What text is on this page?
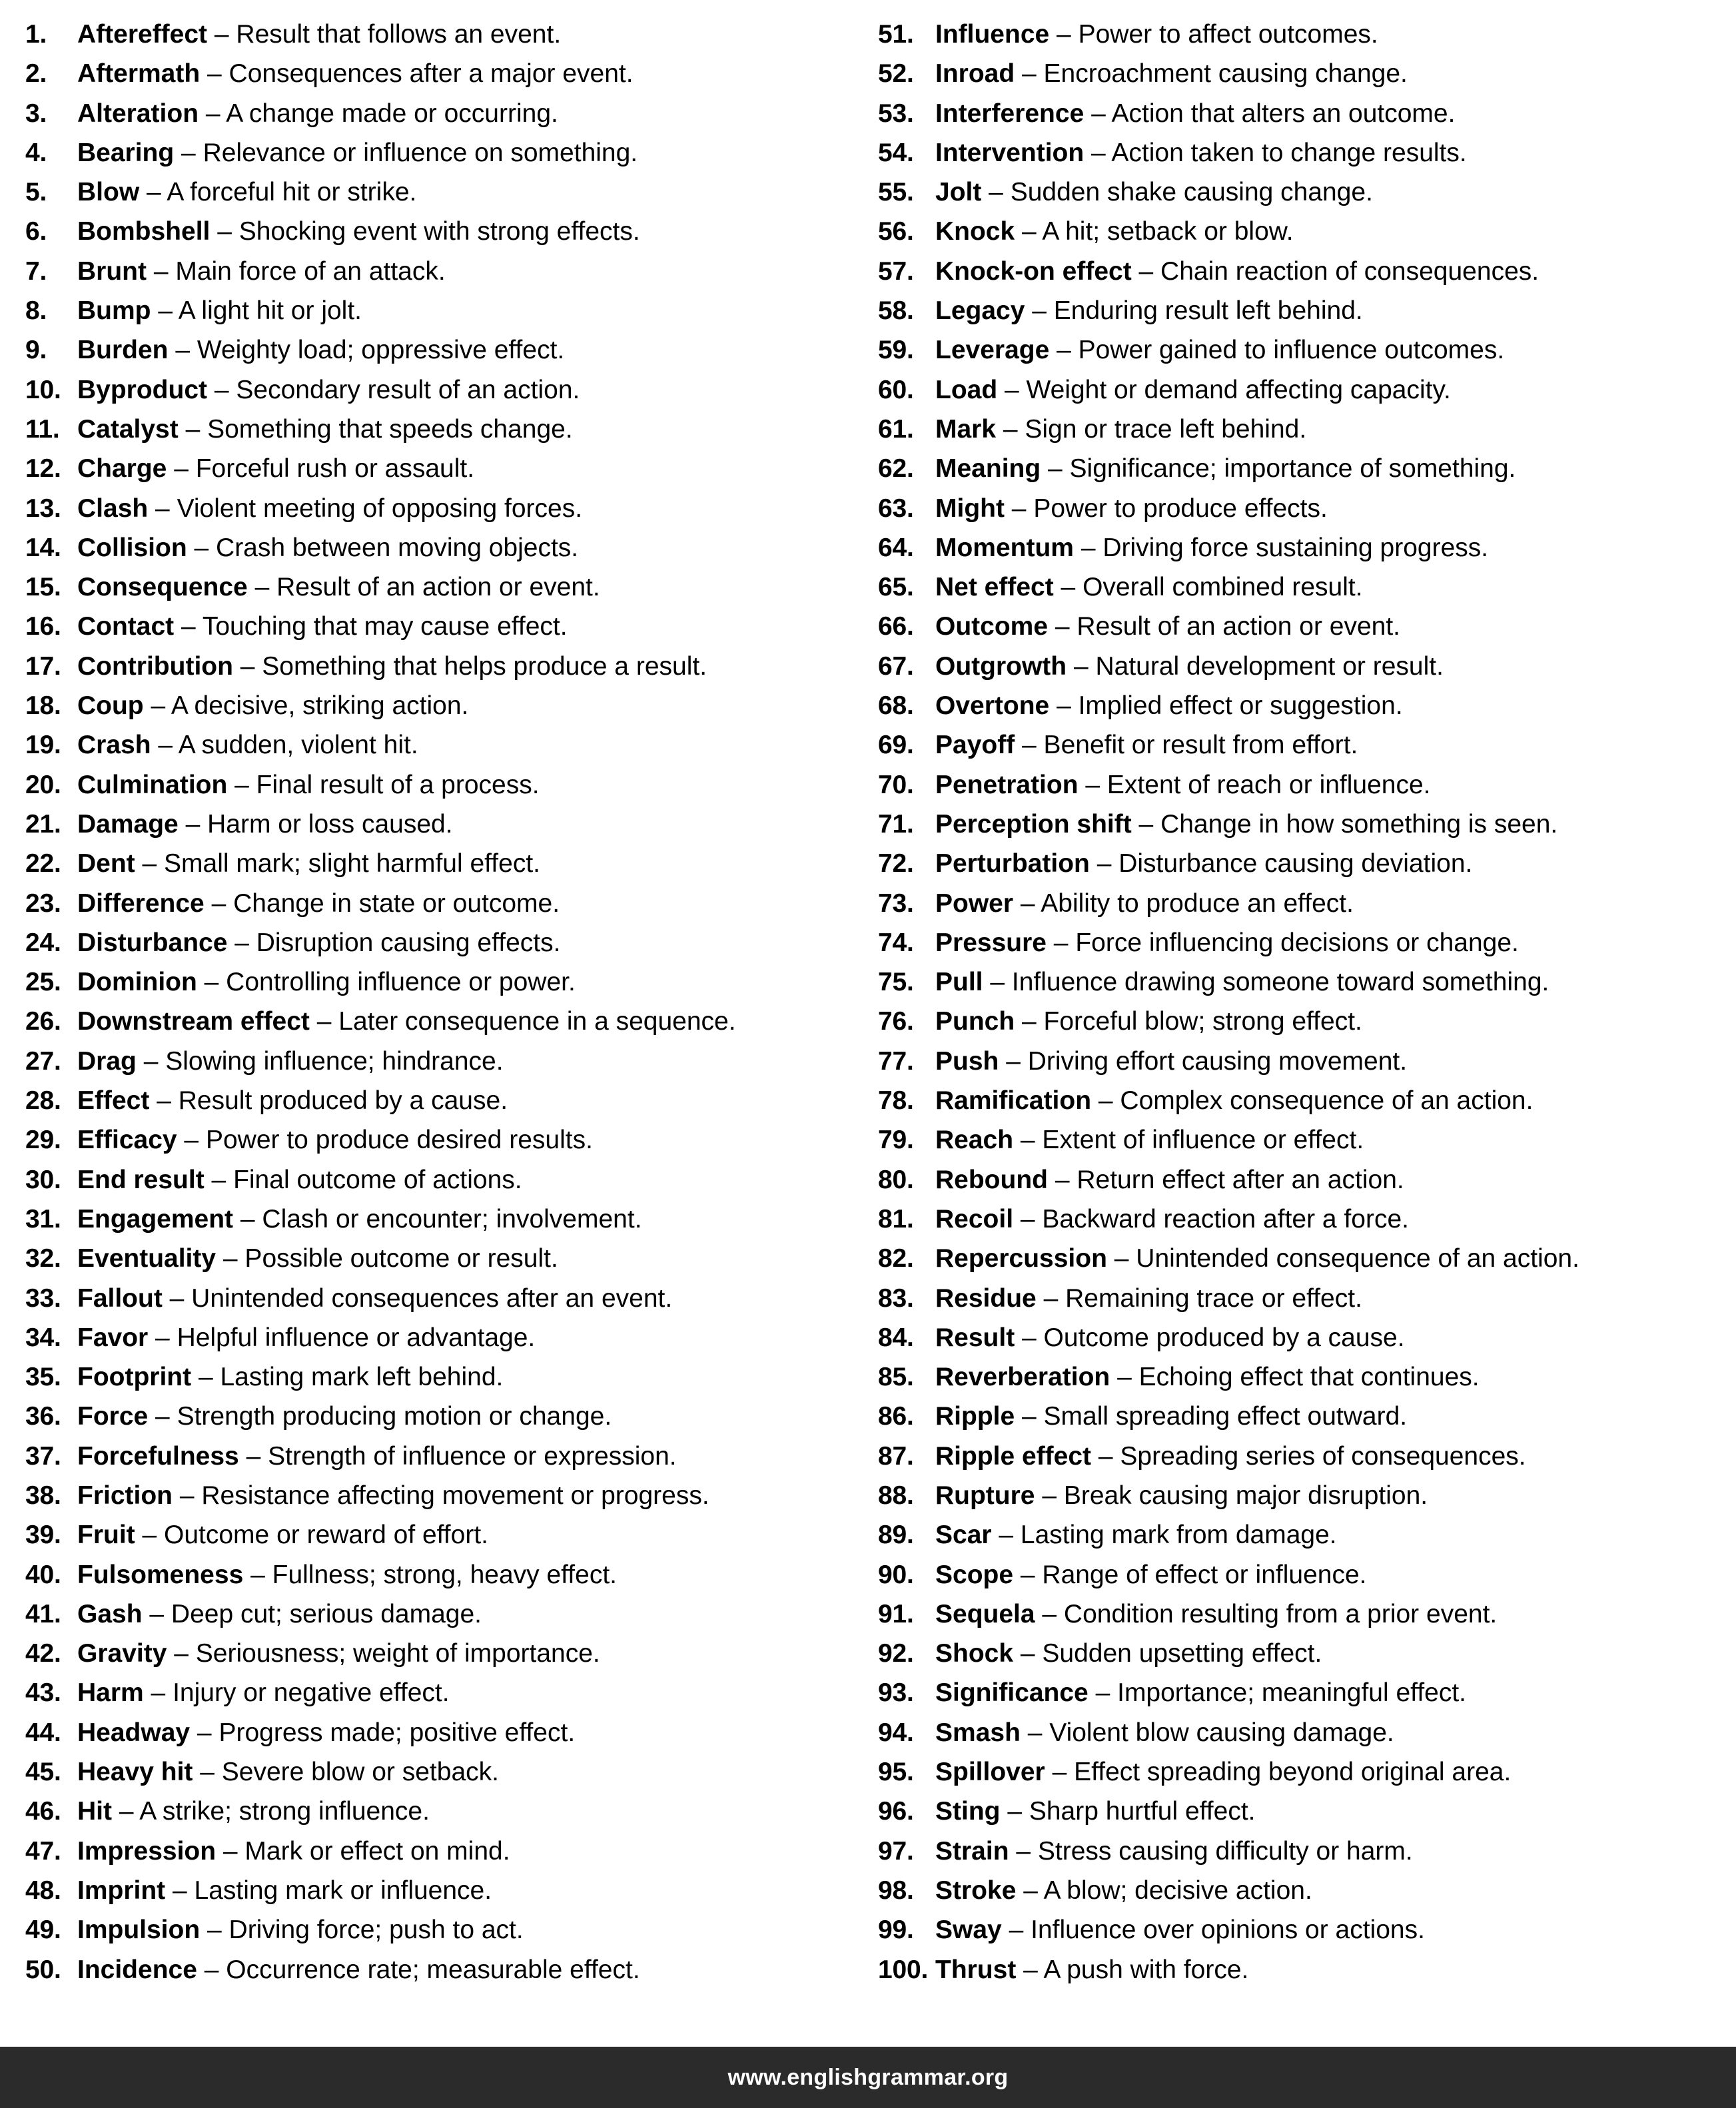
1.	Aftereffect – Result that follows an event.
2.	Aftermath – Consequences after a major event.
3.	Alteration – A change made or occurring.
4.	Bearing – Relevance or influence on something.
5.	Blow – A forceful hit or strike.
6.	Bombshell – Shocking event with strong effects.
7.	Brunt – Main force of an attack.
8.	Bump – A light hit or jolt.
9.	Burden – Weighty load; oppressive effect.
10. Byproduct – Secondary result of an action.
11. Catalyst – Something that speeds change.
12. Charge – Forceful rush or assault.
13. Clash – Violent meeting of opposing forces.
14. Collision – Crash between moving objects.
15. Consequence – Result of an action or event.
16. Contact – Touching that may cause effect.
17. Contribution – Something that helps produce a result.
18. Coup – A decisive, striking action.
19. Crash – A sudden, violent hit.
20. Culmination – Final result of a process.
21. Damage – Harm or loss caused.
22. Dent – Small mark; slight harmful effect.
23. Difference – Change in state or outcome.
24. Disturbance – Disruption causing effects.
25. Dominion – Controlling influence or power.
26. Downstream effect – Later consequence in a sequence.
27. Drag – Slowing influence; hindrance.
28. Effect – Result produced by a cause.
29. Efficacy – Power to produce desired results.
30. End result – Final outcome of actions.
31. Engagement – Clash or encounter; involvement.
32. Eventuality – Possible outcome or result.
33. Fallout – Unintended consequences after an event.
34. Favor – Helpful influence or advantage.
35. Footprint – Lasting mark left behind.
36. Force – Strength producing motion or change.
37. Forcefulness – Strength of influence or expression.
38. Friction – Resistance affecting movement or progress.
39. Fruit – Outcome or reward of effort.
40. Fulsomeness – Fullness; strong, heavy effect.
41. Gash – Deep cut; serious damage.
42. Gravity – Seriousness; weight of importance.
43. Harm – Injury or negative effect.
44. Headway – Progress made; positive effect.
45. Heavy hit – Severe blow or setback.
46. Hit – A strike; strong influence.
47. Impression – Mark or effect on mind.
48. Imprint – Lasting mark or influence.
49. Impulsion – Driving force; push to act.
50. Incidence – Occurrence rate; measurable effect.
51. Influence – Power to affect outcomes.
52. Inroad – Encroachment causing change.
53. Interference – Action that alters an outcome.
54. Intervention – Action taken to change results.
55. Jolt – Sudden shake causing change.
56. Knock – A hit; setback or blow.
57. Knock-on effect – Chain reaction of consequences.
58. Legacy – Enduring result left behind.
59. Leverage – Power gained to influence outcomes.
60. Load – Weight or demand affecting capacity.
61. Mark – Sign or trace left behind.
62. Meaning – Significance; importance of something.
63. Might – Power to produce effects.
64. Momentum – Driving force sustaining progress.
65. Net effect – Overall combined result.
66. Outcome – Result of an action or event.
67. Outgrowth – Natural development or result.
68. Overtone – Implied effect or suggestion.
69. Payoff – Benefit or result from effort.
70. Penetration – Extent of reach or influence.
71. Perception shift – Change in how something is seen.
72. Perturbation – Disturbance causing deviation.
73. Power – Ability to produce an effect.
74. Pressure – Force influencing decisions or change.
75. Pull – Influence drawing someone toward something.
76. Punch – Forceful blow; strong effect.
77. Push – Driving effort causing movement.
78. Ramification – Complex consequence of an action.
79. Reach – Extent of influence or effect.
80. Rebound – Return effect after an action.
81. Recoil – Backward reaction after a force.
82. Repercussion – Unintended consequence of an action.
83. Residue – Remaining trace or effect.
84. Result – Outcome produced by a cause.
85. Reverberation – Echoing effect that continues.
86. Ripple – Small spreading effect outward.
87. Ripple effect – Spreading series of consequences.
88. Rupture – Break causing major disruption.
89. Scar – Lasting mark from damage.
90. Scope – Range of effect or influence.
91. Sequela – Condition resulting from a prior event.
92. Shock – Sudden upsetting effect.
93. Significance – Importance; meaningful effect.
94. Smash – Violent blow causing damage.
95. Spillover – Effect spreading beyond original area.
96. Sting – Sharp hurtful effect.
97. Strain – Stress causing difficulty or harm.
98. Stroke – A blow; decisive action.
99. Sway – Influence over opinions or actions.
100. Thrust – A push with force.
www.englishgrammar.org
